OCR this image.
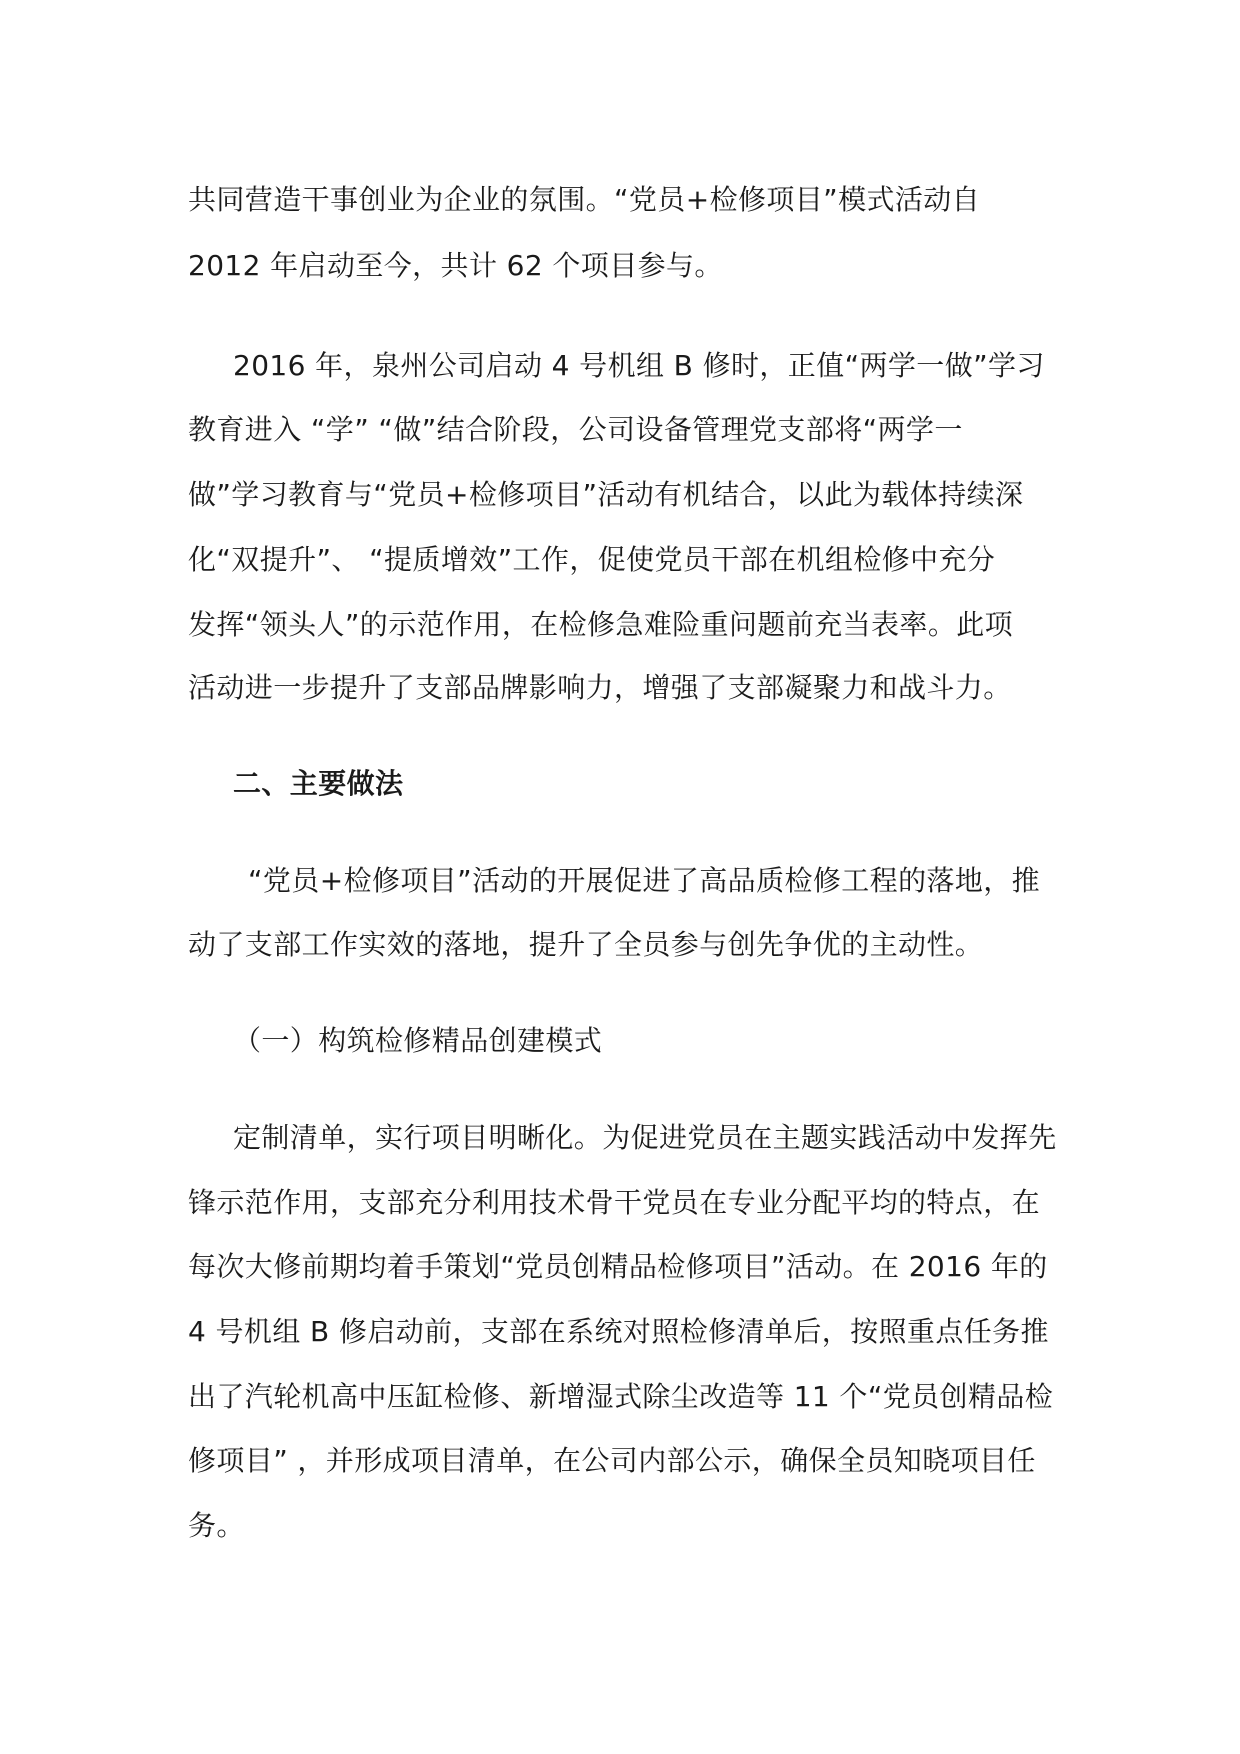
共同营造干事创业为企业的氛围。“党员+检修项目”模式活动自
2012 年启动至今，共计 62 个项目参与。
2016 年，泉州公司启动 4 号机组 B 修时，正值“两学一做”学习
教育进入 “学” “做”结合阶段，公司设备管理党支部将“两学一
做”学习教育与“党员+检修项目”活动有机结合，以此为载体持续深
化“双提升”、 “提质增效”工作，促使党员干部在机组检修中充分
发挥“领头人”的示范作用，在检修急难险重问题前充当表率。此项
活动进一步提升了支部品牌影响力，增强了支部凝聚力和战斗力。
二、主要做法
“党员+检修项目”活动的开展促进了高品质检修工程的落地，推
动了支部工作实效的落地，提升了全员参与创先争优的主动性。
（一）构筑检修精品创建模式
定制清单，实行项目明晰化。为促进党员在主题实践活动中发挥先
锋示范作用，支部充分利用技术骨干党员在专业分配平均的特点，在
每次大修前期均着手策划“党员创精品检修项目”活动。在 2016 年的
4 号机组 B 修启动前，支部在系统对照检修清单后，按照重点任务推
出了汽轮机高中压缸检修、新增湿式除尘改造等 11 个“党员创精品检
修项目” ，并形成项目清单，在公司内部公示，确保全员知晓项目任
务。
